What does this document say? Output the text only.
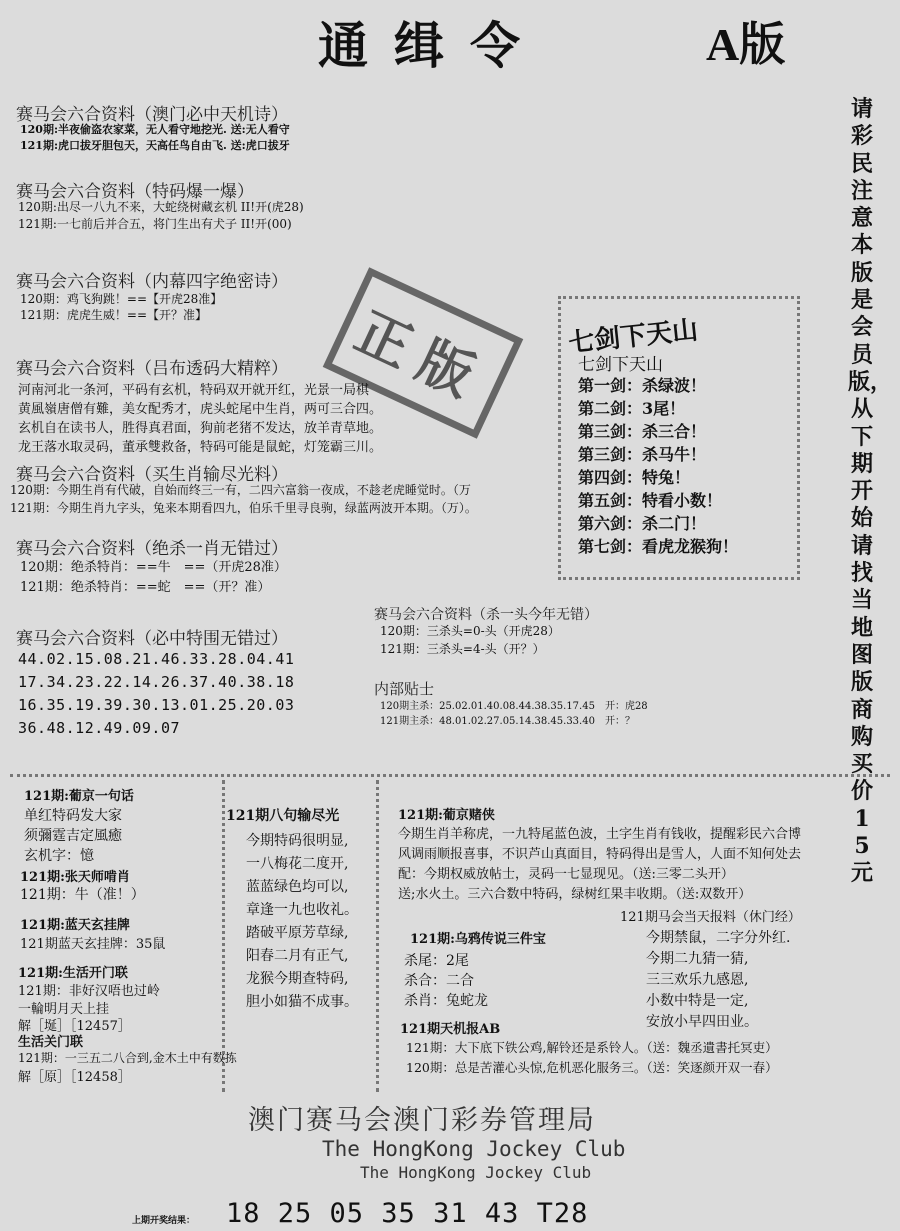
通缉令	A版
请彩民注意本版是会员版，从下期开始请找当地图版商购买价15元
赛马会六合资料（澳门必中天机诗）
120期:半夜偷盗农家菜，无人看守地挖光. 送:无人看守
121期:虎口拔牙胆包天，天高任鸟自由飞. 送:虎口拔牙
赛马会六合资料（特码爆一爆）
120期:出尽一八九不来，大蛇绕树藏玄机 II!开(虎28)
121期:一七前后并合五，将门生出有犬子 II!开(00)
赛马会六合资料（内幕四字绝密诗）
120期：鸡飞狗跳！==【开虎28准】
121期：虎虎生威！==【开？准】	正版
赛马会六合资料（吕布透码大精粹）
河南河北一条河，平码有玄机，特码双开就开红，光景一局棋
黄風嶺唐僧有難，美女配秀才，虎头蛇尾中生肖，两可三合四。
玄机自在读书人，胜得真君面，狗前老猪不发达，放羊青草地。
龙王落水取灵码，董承雙救备，特码可能是鼠蛇，灯笼霸三川。
赛马会六合资料（买生肖输尽光料）
120期：今期生肖有代破，自始而终三一有，二四六富翁一夜成，不趁老虎睡觉时。（万
121期：今期生肖九字头，兔来本期看四九，伯乐千里寻良驹，绿蓝两波开本期。（万）。
赛马会六合资料（绝杀一肖无错过）
120期：绝杀特肖：==牛　==（开虎28准）
121期：绝杀特肖：==蛇　==（开？准）
七剑下天山
七剑下天山
第一剑：杀绿波！
第二剑：3尾！
第三剑：杀三合！
第三剑：杀马牛！
第四剑：特兔！
第五剑：特看小数！
第六剑：杀二门！
第七剑：看虎龙猴狗！
赛马会六合资料（必中特围无错过）
44.02.15.08.21.46.33.28.04.41
17.34.23.22.14.26.37.40.38.18
16.35.19.39.30.13.01.25.20.03
36.48.12.49.09.07
赛马会六合资料（杀一头今年无错）
120期：三杀头=0-头（开虎28）
121期：三杀头=4-头（开？）
内部贴士
120期主杀：25.02.01.40.08.44.38.35.17.45　开：虎28
121期主杀：48.01.02.27.05.14.38.45.33.40　开：？
121期:葡京一句话
单红特码发大家
须彌霆吉定風癒
玄机字：憶
121期:张天师啃肖
121期：牛（准！）
121期:蓝天玄挂牌
121期蓝天玄挂牌：35鼠
121期:生活开门联
121期：非好汉唔也过岭
一輪明月天上挂
解［埏］［12457］
生活关门联
121期：一三五二八合到,金木土中有数拣
解［原］［12458］
121期八句输尽光
今期特码很明显,
一八梅花二度开,
蓝蓝绿色均可以,
章逢一九也收礼。
踏破平原芳草绿,
阳春二月有正气,
龙猴今期查特码,
胆小如猫不成事。
121期:葡京赌侠
今期生肖羊称虎，一九特尾蓝色波，土字生肖有钱收，提醒彩民六合博
风调雨顺报喜事，不识芦山真面目，特码得出是雪人，人面不知何处去
配：今期权威放帖士，灵码一七显现见。（送:三零二头开）
送;水火土。三六合数中特码，绿树红果丰收期。（送:双数开）
121期:乌鸦传说三件宝
杀尾：2尾
杀合：二合
杀肖：兔蛇龙
121期马会当天报料（休门经）
今期禁鼠，二字分外红.
今期二九猜一猜,
三三欢乐九感恩,
小数中特是一定,
安放小早四田业。
121期天机报AB
121期：大下底下铁公鸡,解铃还是系铃人。（送：魏丞遺書托冥吏）
120期：总是苦灌心头惊,危机恶化服务三。（送：笑逐颜开双一春）
澳门赛马会澳门彩券管理局
The HongKong Jockey Club
The HongKong Jockey Club
上期开奖结果： 18 25 05 35 31 43 T28
